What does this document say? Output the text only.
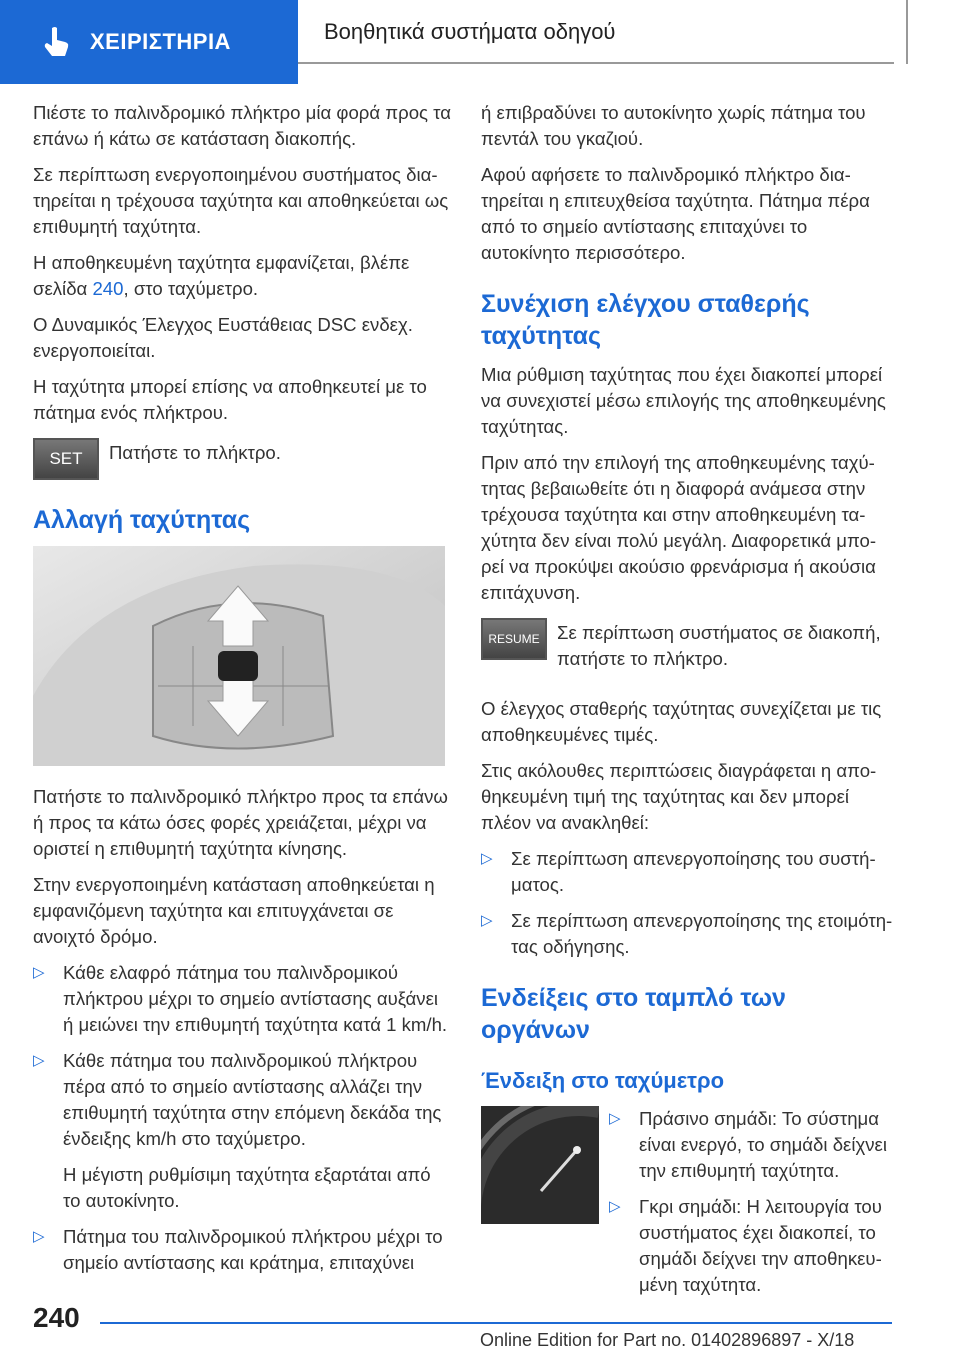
ΧΕΙΡΙΣΤΗΡΙΑ	Βοηθητικά συστήματα οδηγού

Πιέστε το παλινδρομικό πλήκτρο μία φορά προς τα επάνω ή κάτω σε κατάσταση διακοπής.

Σε περίπτωση ενεργοποιημένου συστήματος δια-τηρείται η τρέχουσα ταχύτητα και αποθηκεύεται ως επιθυμητή ταχύτητα.

Η αποθηκευμένη ταχύτητα εμφανίζεται, βλέπε σελίδα 240, στο ταχύμετρο.

Ο Δυναμικός Έλεγχος Ευστάθειας DSC ενδεχ. ενεργοποιείται.

Η ταχύτητα μπορεί επίσης να αποθηκευτεί με το πάτημα ενός πλήκτρου.

SET	Πατήστε το πλήκτρο.
Αλλαγή ταχύτητας

Πατήστε το παλινδρομικό πλήκτρο προς τα επάνω ή προς τα κάτω όσες φορές χρειάζεται, μέχρι να οριστεί η επιθυμητή ταχύτητα κίνησης.

Στην ενεργοποιημένη κατάσταση αποθηκεύεται η εμφανιζόμενη ταχύτητα και επιτυγχάνεται σε ανοιχτό δρόμο.

▷ Κάθε ελαφρό πάτημα του παλινδρομικού πλήκτρου μέχρι το σημείο αντίστασης αυξάνει ή μειώνει την επιθυμητή ταχύτητα κατά 1 km/h.
▷ Κάθε πάτημα του παλινδρομικού πλήκτρου πέρα από το σημείο αντίστασης αλλάζει την επιθυμητή ταχύτητα στην επόμενη δεκάδα της ένδειξης km/h στο ταχύμετρο.

Η μέγιστη ρυθμίσιμη ταχύτητα εξαρτάται από το αυτοκίνητο.

▷ Πάτημα του παλινδρομικού πλήκτρου μέχρι το σημείο αντίστασης και κράτημα, επιταχύνει

ή επιβραδύνει το αυτοκίνητο χωρίς πάτημα του πεντάλ του γκαζιού.

Αφού αφήσετε το παλινδρομικό πλήκτρο δια-τηρείται η επιτευχθείσα ταχύτητα. Πάτημα πέρα από το σημείο αντίστασης επιταχύνει το αυτοκίνητο περισσότερο.

Συνέχιση ελέγχου σταθερής ταχύτητας

Μια ρύθμιση ταχύτητας που έχει διακοπεί μπορεί να συνεχιστεί μέσω επιλογής της αποθηκευμένης ταχύτητας.

Πριν από την επιλογή της αποθηκευμένης ταχύ-τητας βεβαιωθείτε ότι η διαφορά ανάμεσα στην τρέχουσα ταχύτητα και στην αποθηκευμένη τα-χύτητα δεν είναι πολύ μεγάλη. Διαφορετικά μπο-ρεί να προκύψει ακούσιο φρενάρισμα ή ακούσια επιτάχυνση.

RESUME Σε περίπτωση συστήματος σε διακοπή, πατήστε το πλήκτρο.

Ο έλεγχος σταθερής ταχύτητας συνεχίζεται με τις αποθηκευμένες τιμές.

Στις ακόλουθες περιπτώσεις διαγράφεται η απο-θηκευμένη τιμή της ταχύτητας και δεν μπορεί πλέον να ανακληθεί:

▷ Σε περίπτωση απενεργοποίησης του συστή-ματος.
▷ Σε περίπτωση απενεργοποίησης της ετοιμότη-τας οδήγησης.
Ενδείξεις στο ταμπλό των οργάνων
Ένδειξη στο ταχύμετρο
▷ Πράσινο σημάδι: Το σύστημα είναι ενεργό, το σημάδι δείχνει την επιθυμητή ταχύτητα.
▷ Γκρι σημάδι: Η λειτουργία του συστήματος έχει διακοπεί, το σημάδι δείχνει την αποθηκευ-μένη ταχύτητα.
240
Online Edition for Part no. 01402896897 - X/18
